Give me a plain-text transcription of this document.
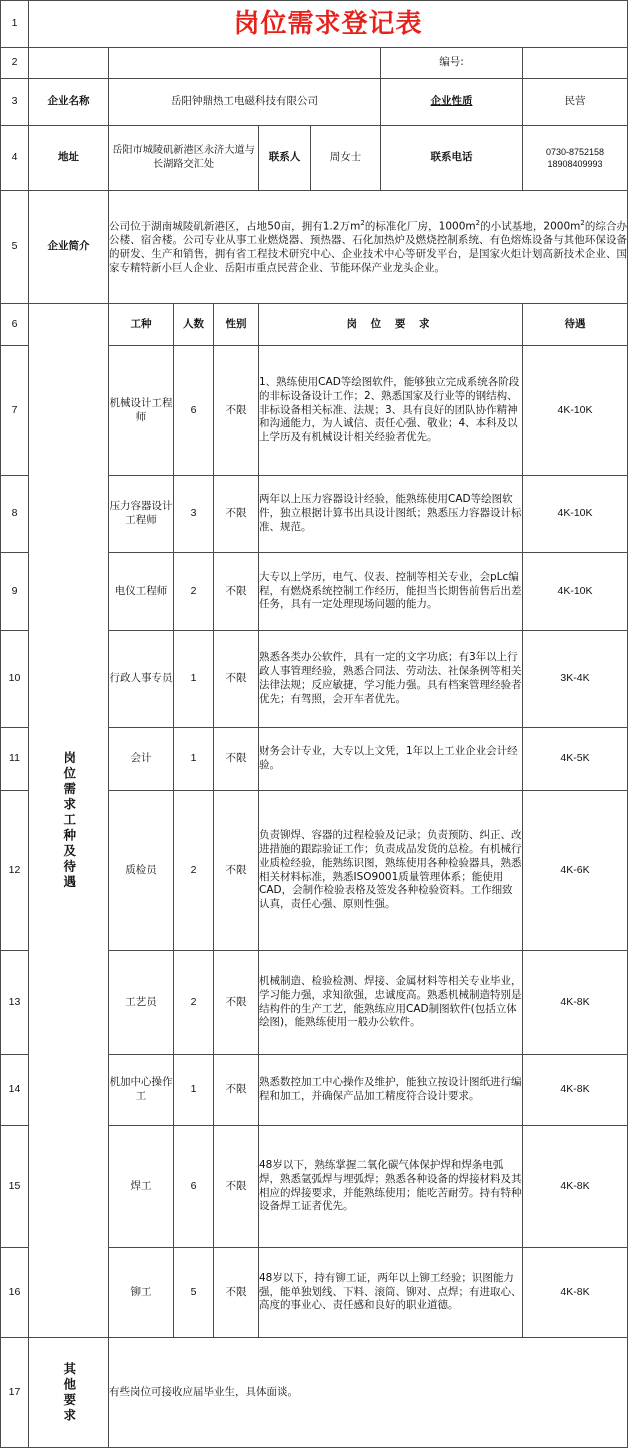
1	岗位需求登记表							

2							编号:	
3	企业名称	岳阳钟鼎热工电磁科技有限公司					企业性质	民营
4	地址	岳阳市城陵矶新港区永济大道与长湖路交汇处			联系人	周女士	联系电话	0730-8752158 18908409993
5	企业简介	公司位于湖南城陵矶新港区，占地50亩，拥有1.2万$m^2$的标准化厂房，$1000m^2$的小试基地，$2000m^2$的综合办公楼、宿舍楼。公司专业从事工业燃烧器、预热器、石化加热炉及燃烧控制系统、有色熔炼设备与其他环保设备的研发、生产和销售，拥有省工程技术研究中心、企业技术中心等研发平台，是国家火炬计划高新技术企业、国家专精特新小巨人企业、岳阳市重点民营企业、节能环保产业龙头企业。						
6	岗位需求工种及待遇	工种	人数	性别	岗 位 要 求			待遇
7		机械设计工程师	6	不限	1、熟练使用CAD等绘图软件，能够独立完成系统各阶段的非标设备设计工作；2、熟悉国家及行业等的钢结构、非标设备相关标准、法规；3、具有良好的团队协作精神和沟通能力，为人诚信、责任心强、敬业；4、本科及以上学历及有机械设计相关经验者优先。			4K-10K
8		压力容器设计工程师	3	不限	两年以上压力容器设计经验，能熟练使用CAD等绘图软件，独立根据计算书出具设计图纸；熟悉压力容器设计标准、规范。			4K-10K
9		电仪工程师	2	不限	大专以上学历，电气、仪表、控制等相关专业，会pLc编程，有燃烧系统控制工作经历，能担当长期售前售后出差任务，具有一定处理现场问题的能力。			4K-10K
10		行政人事专员	1	不限	熟悉各类办公软件，具有一定的文字功底；有3年以上行政人事管理经验，熟悉合同法、劳动法、社保条例等相关法律法规；反应敏捷，学习能力强。具有档案管理经验者优先；有驾照，会开车者优先。			3K-4K
11		会计	1	不限	财务会计专业，大专以上文凭，1年以上工业企业会计经验。			4K-5K
12		质检员	2	不限	负责铆焊、容器的过程检验及记录；负责预防、纠正、改进措施的跟踪验证工作；负责成品发货的总检。有机械行业质检经验，能熟练识图，熟练使用各种检验器具，熟悉相关材料标准，熟悉ISO9001质量管理体系；能使用CAD，会制作检验表格及签发各种检验资料。工作细致认真，责任心强、原则性强。			4K-6K
13		工艺员	2	不限	机械制造、检验检测、焊接、金属材料等相关专业毕业，学习能力强，求知欲强，忠诚度高。熟悉机械制造特别是结构件的生产工艺，能熟练应用CAD制图软件(包括立体绘图)，能熟练使用一般办公软件。			4K-8K
14		机加中心操作工	1	不限	熟悉数控加工中心操作及维护，能独立按设计图纸进行编程和加工，并确保产品加工精度符合设计要求。			4K-8K
15		焊工	6	不限	48岁以下，熟练掌握二氧化碳气体保护焊和焊条电弧焊，熟悉氩弧焊与埋弧焊；熟悉各种设备的焊接材料及其相应的焊接要求，并能熟练使用；能吃苦耐劳。持有特种设备焊工证者优先。			4K-8K
16		铆工	5	不限	48岁以下，持有铆工证，两年以上铆工经验；识图能力强，能单独划线、下料、滚筒、铆对、点焊；有进取心、高度的事业心、责任感和良好的职业道德。			4K-8K
17	其他要求	有些岗位可接收应届毕业生，具体面谈。						
